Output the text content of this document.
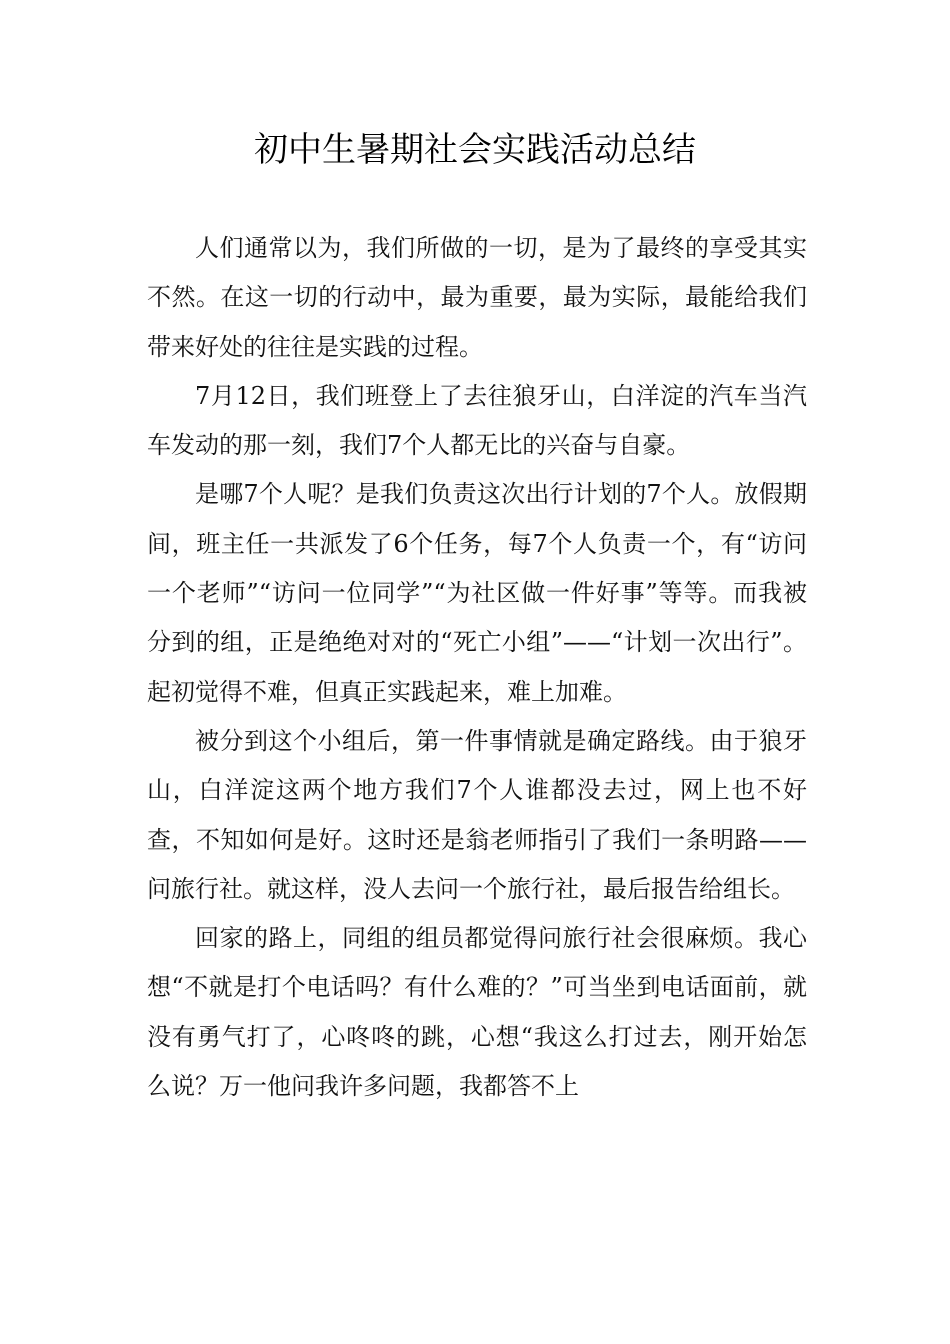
初中生暑期社会实践活动总结

人们通常以为，我们所做的一切，是为了最终的享受其实不然。在这一切的行动中，最为重要，最为实际，最能给我们带来好处的往往是实践的过程。

7月12日，我们班登上了去往狼牙山，白洋淀的汽车当汽车发动的那一刻，我们7个人都无比的兴奋与自豪。

是哪7个人呢？是我们负责这次出行计划的7个人。放假期间，班主任一共派发了6个任务，每7个人负责一个，有“访问一个老师”“访问一位同学”“为社区做一件好事”等等。而我被分到的组，正是绝绝对对的“死亡小组”——“计划一次出行”。起初觉得不难，但真正实践起来，难上加难。

被分到这个小组后，第一件事情就是确定路线。由于狼牙山，白洋淀这两个地方我们7个人谁都没去过，网上也不好查，不知如何是好。这时还是翁老师指引了我们一条明路——问旅行社。就这样，没人去问一个旅行社，最后报告给组长。

回家的路上，同组的组员都觉得问旅行社会很麻烦。我心想“不就是打个电话吗？有什么难的？”可当坐到电话面前，就没有勇气打了，心咚咚的跳，心想“我这么打过去，刚开始怎么说？万一他问我许多问题，我都答不上
